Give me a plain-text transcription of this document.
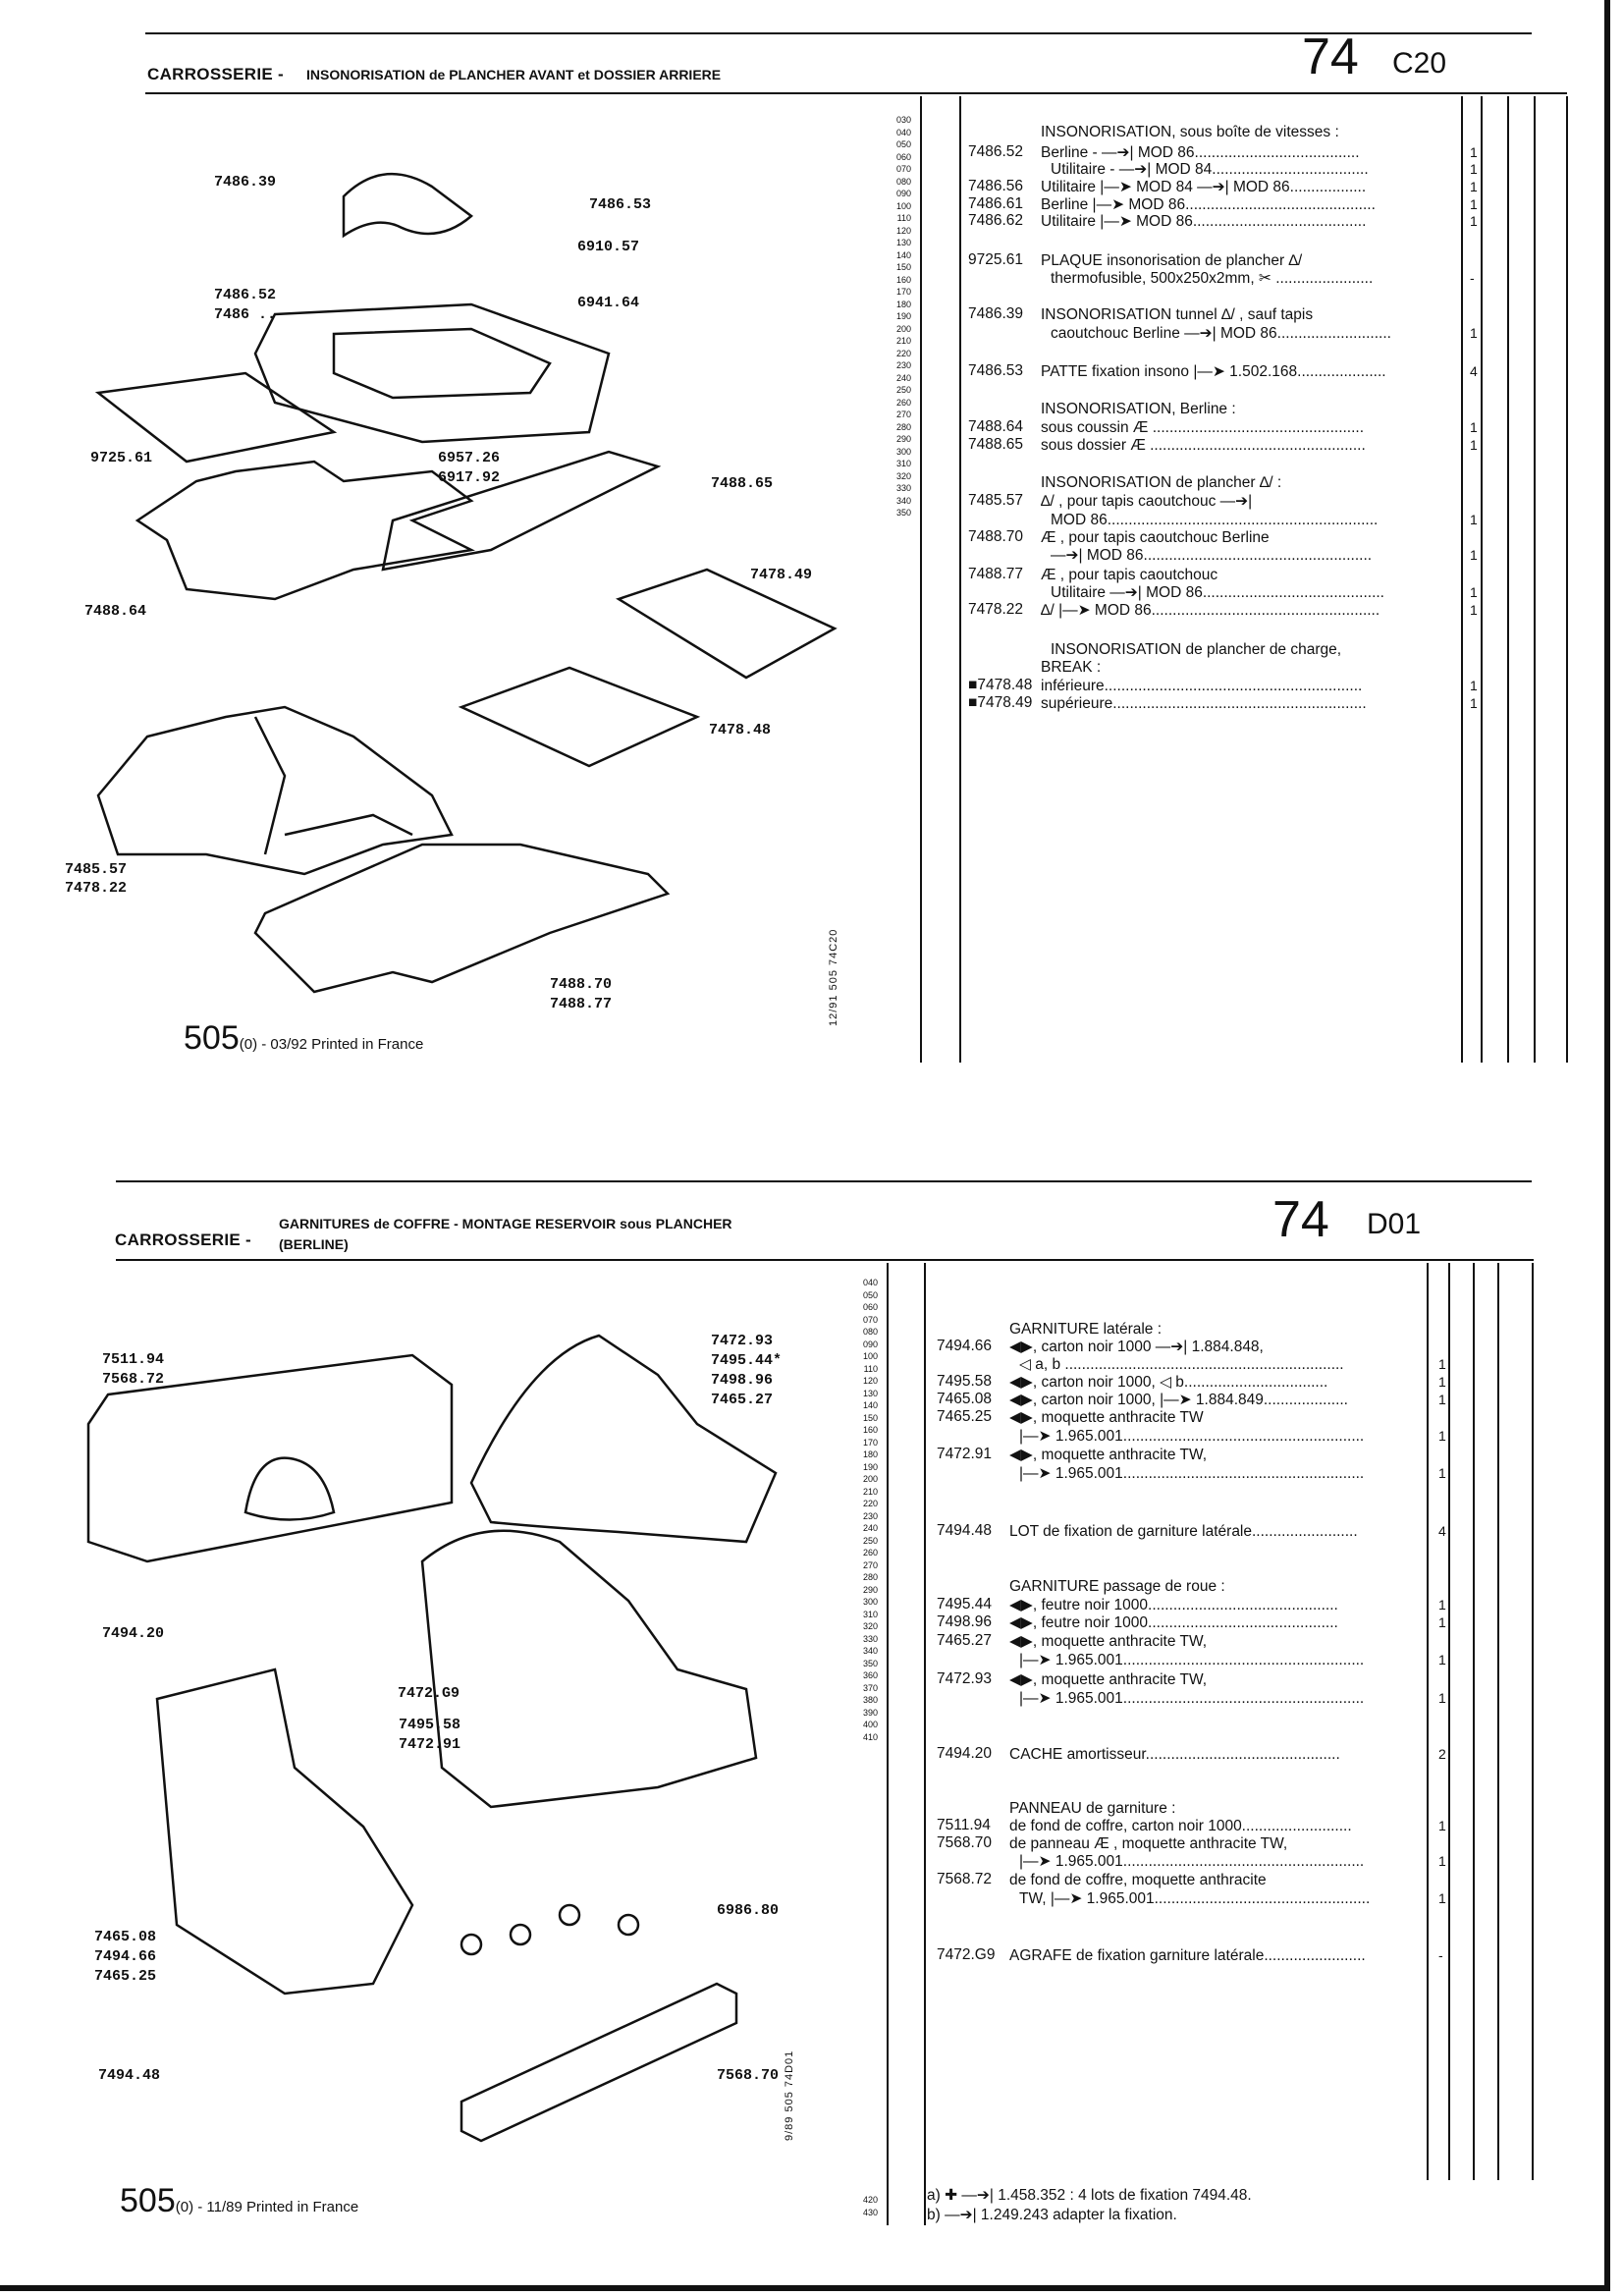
CARROSSERIE - INSONORISATION de PLANCHER AVANT et DOSSIER ARRIERE	74 C20
030
040
050
060
070
080
090
100
110
120
130
140
150
160
170
180
190
200
210
220
230
240
250
260
270
280
290
300
310
320
330
340
350
INSONORISATION, sous boîte de vitesses :
7486.52 Berline - —➔| MOD 86.......................................	1
Utilitaire - —➔| MOD 84.....................................	1
7486.56 Utilitaire |—➤ MOD 84 —➔| MOD 86..................	1
7486.61 Berline |—➤ MOD 86.............................................	1
7486.62 Utilitaire |—➤ MOD 86.........................................	1
9725.61 PLAQUE insonorisation de plancher ∆/
thermofusible, 500x250x2mm, ✂ .......................	-
7486.39 INSONORISATION tunnel ∆/ , sauf tapis
caoutchouc Berline —➔| MOD 86...........................	1
7486.53 PATTE fixation insono |—➤ 1.502.168.....................	4
INSONORISATION, Berline :
7488.64 sous coussin Æ ..................................................	1
7488.65 sous dossier Æ ...................................................	1
INSONORISATION de plancher ∆/ :
7485.57 ∆/ , pour tapis caoutchouc —➔|
MOD 86................................................................	1
7488.70 Æ , pour tapis caoutchouc Berline
—➔| MOD 86......................................................	1
7488.77 Æ , pour tapis caoutchouc
Utilitaire —➔| MOD 86...........................................	1
7478.22 ∆/ |—➤ MOD 86......................................................	1
INSONORISATION de plancher de charge,
BREAK :
■7478.48 inférieure.............................................................	1
■7478.49 supérieure............................................................	1
7486.39
7486.53
6910.57
7486.52
7486 ..
6941.64
9725.61	6957.26
6917.92	7488.65
7478.49
7488.64
7478.48
7485.57
7478.22
7488.70
7488.77	12/91 505 74C20
505(0) - 03/92 Printed in France
CARROSSERIE -
GARNITURES de COFFRE - MONTAGE RESERVOIR sous PLANCHER
(BERLINE)	74 D01
040
050
060
070
080
090
100
110
120
130
140
150
160
170
180
190
200
210
220
230
240
250
260
270
280
290
300
310
320
330
340
350
360
370
380
390
400
410
GARNITURE latérale :
7494.66 ◀▶, carton noir 1000 —➔| 1.884.848,
◁ a, b ..................................................................	1
7495.58 ◀▶, carton noir 1000, ◁ b..................................	1
7465.08 ◀▶, carton noir 1000, |—➤ 1.884.849....................	1
7465.25 ◀▶, moquette anthracite TW
|—➤ 1.965.001.........................................................	1
7472.91 ◀▶, moquette anthracite TW,
|—➤ 1.965.001.........................................................	1
7494.48 LOT de fixation de garniture latérale.........................	4
GARNITURE passage de roue :
7495.44 ◀▶, feutre noir 1000.............................................	1
7498.96 ◀▶, feutre noir 1000.............................................	1
7465.27 ◀▶, moquette anthracite TW,
|—➤ 1.965.001.........................................................	1
7472.93 ◀▶, moquette anthracite TW,
|—➤ 1.965.001.........................................................	1
7494.20 CACHE amortisseur..............................................	2
PANNEAU de garniture :
7511.94 de fond de coffre, carton noir 1000..........................	1
7568.70 de panneau Æ , moquette anthracite TW,
|—➤ 1.965.001.........................................................	1
7568.72 de fond de coffre, moquette anthracite
TW, |—➤ 1.965.001...................................................	1
7472.G9 AGRAFE de fixation garniture latérale........................	-
7511.94
7568.72
7472.93
7495.44*
7498.96
7465.27
7494.20
7472.G9
7495.58
7472.91
6986.80
7465.08
7494.66
7465.25
7494.48	7568.70 9/89 505 74D01
505(0) - 11/89 Printed in France	420
430
a) ✚ —➔| 1.458.352 : 4 lots de fixation 7494.48.
b) —➔| 1.249.243 adapter la fixation.
